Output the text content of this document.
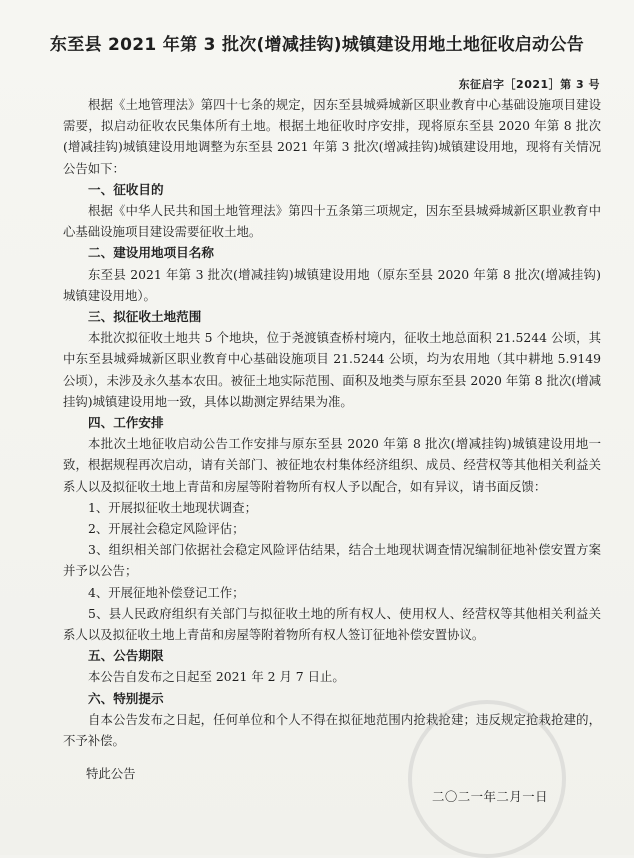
东至县 2021 年第 3 批次(增减挂钩)城镇建设用地土地征收启动公告
东征启字［2021］第 3 号

根据《土地管理法》第四十七条的规定，因东至县城舜城新区职业教育中心基础设施项目建设需要，拟启动征收农民集体所有土地。根据土地征收时序安排，现将原东至县 2020 年第 8 批次(增减挂钩)城镇建设用地调整为东至县 2021 年第 3 批次(增减挂钩)城镇建设用地，现将有关情况公告如下：

一、征收目的

根据《中华人民共和国土地管理法》第四十五条第三项规定，因东至县城舜城新区职业教育中心基础设施项目建设需要征收土地。

二、建设用地项目名称

东至县 2021 年第 3 批次(增减挂钩)城镇建设用地（原东至县 2020 年第 8 批次(增减挂钩)城镇建设用地）。

三、拟征收土地范围

本批次拟征收土地共 5 个地块，位于尧渡镇查桥村境内，征收土地总面积 21.5244 公顷，其中东至县城舜城新区职业教育中心基础设施项目 21.5244 公顷，均为农用地（其中耕地 5.9149 公顷），未涉及永久基本农田。被征土地实际范围、面积及地类与原东至县 2020 年第 8 批次(增减挂钩)城镇建设用地一致，具体以勘测定界结果为准。

四、工作安排

本批次土地征收启动公告工作安排与原东至县 2020 年第 8 批次(增减挂钩)城镇建设用地一致，根据规程再次启动，请有关部门、被征地农村集体经济组织、成员、经营权等其他相关利益关系人以及拟征收土地上青苗和房屋等附着物所有权人予以配合，如有异议，请书面反馈：

1、开展拟征收土地现状调查；

2、开展社会稳定风险评估；

3、组织相关部门依据社会稳定风险评估结果，结合土地现状调查情况编制征地补偿安置方案并予以公告；

4、开展征地补偿登记工作；

5、县人民政府组织有关部门与拟征收土地的所有权人、使用权人、经营权等其他相关利益关系人以及拟征收土地上青苗和房屋等附着物所有权人签订征地补偿安置协议。

五、公告期限

本公告自发布之日起至 2021 年 2 月 7 日止。

六、特别提示

自本公告发布之日起，任何单位和个人不得在拟征地范围内抢栽抢建；违反规定抢栽抢建的，不予补偿。

特此公告
二〇二一年二月一日
